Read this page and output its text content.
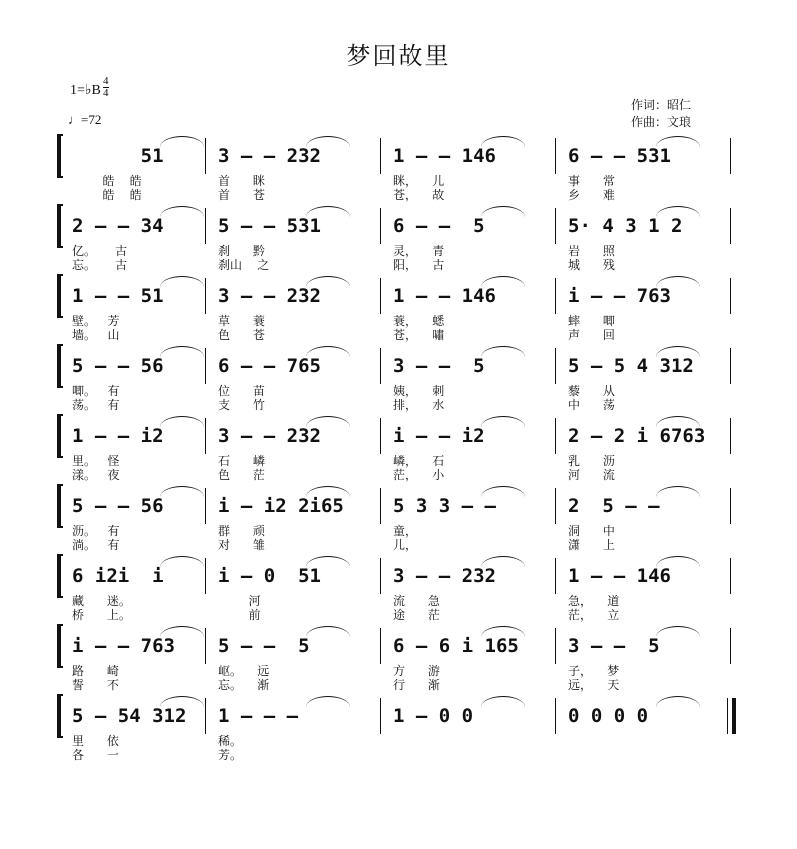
梦回故里
1=♭B
4
4
♩=72
作词：昭仁
作曲：文琅
51	3 – – 232	1 – – 146	6 – – 531
皓    皓	首      眯	眯，    儿	事      常
皓    皓	首      苍	苍，    故	乡      难
2 – – 34	5 – – 531	6 – –  5	5· 4 3 1 2
亿。     古	刹      黔	灵，    青	岩      照
忘。     古	刹山    之	阳，    古	城      残
1 – – 51	3 – – 232	1 – – 146	i – – 763
壁。   芳	草      蓑	蓑，    蟋	蟀      唧
墙。   山	色      苍	苍，    嘯	声      回
5 – – 56	6 – – 765	3 – –  5	5 – 5 4 312
唧。   有	位      苗	姨，    刺	藜      从
荡。   有	支      竹	排，    水	中      荡
1 – – i2	3 – – 232	i – – i2	2 – 2 i 6763
里。   怪	石      嶙	嶙，    石	乳      沥
漾。   夜	色      茫	茫，    小	河      流
5 – – 56	i – i2 2i65	5 3 3 – –	2  5 – –
沥。   有	群      顽	童，	洞      中
淌。   有	对      雏	儿，	潇      上
6 i2i  i	i – 0  51	3 – – 232	1 – – 146
藏      迷。	河	流      急	急，    道
桥      上。	前	途      茫	茫，    立
i – – 763	5 – –  5	6 – 6 i 165	3 – –  5
路      崎	岖。    远	方      游	子，    梦
誓      不	忘。    渐	行      渐	远，    天
5 – 54 312	1 – – –	1 – 0 0	0 0 0 0
里      依	稀。
各      一	芳。
